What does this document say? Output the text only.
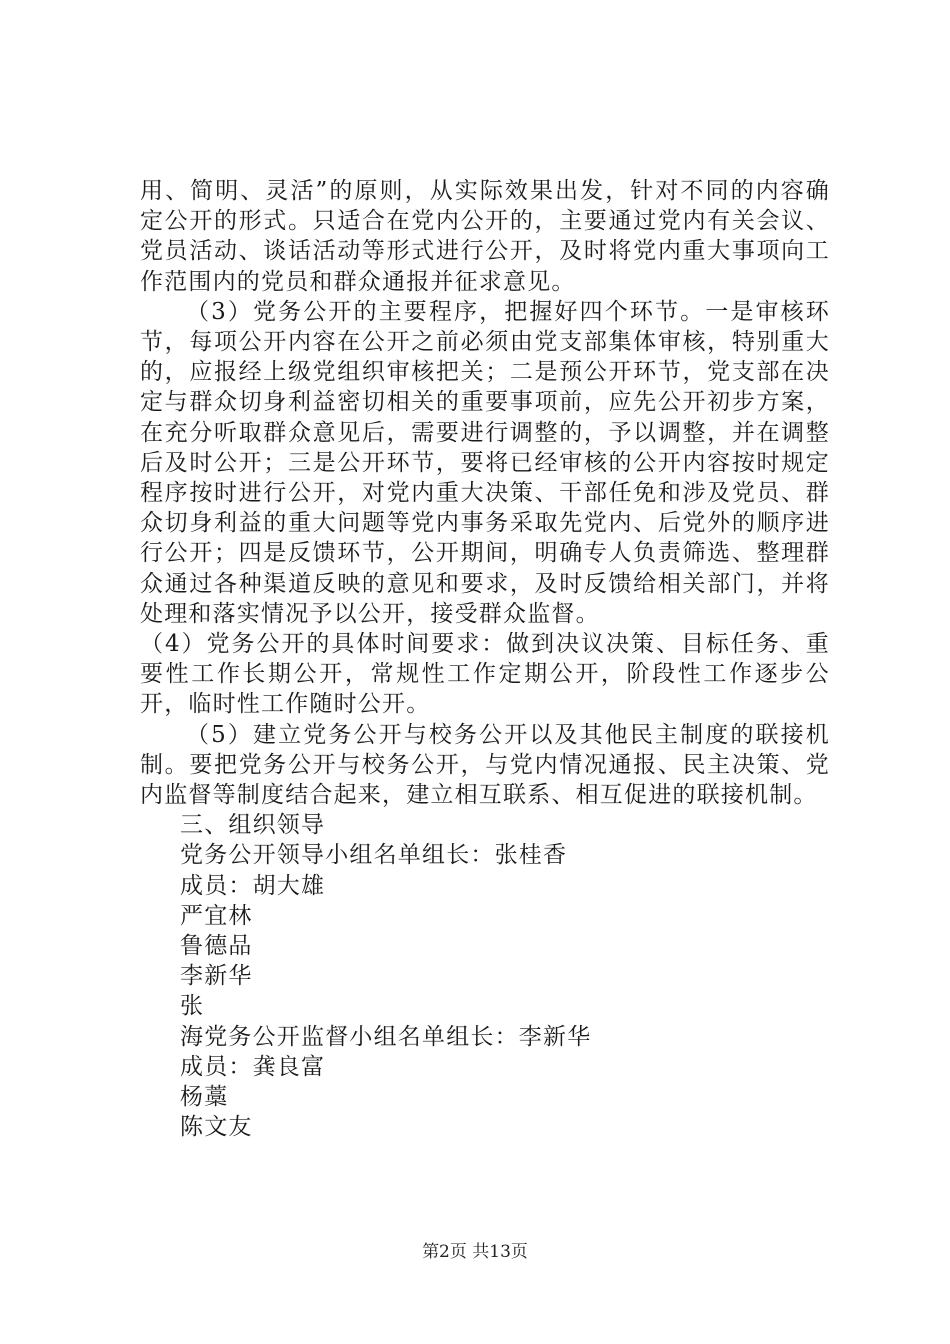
用、简明、灵活”的原则，从实际效果出发，针对不同的内容确定公开的形式。只适合在党内公开的，主要通过党内有关会议、党员活动、谈话活动等形式进行公开，及时将党内重大事项向工作范围内的党员和群众通报并征求意见。

（3）党务公开的主要程序，把握好四个环节。一是审核环节，每项公开内容在公开之前必须由党支部集体审核，特别重大的，应报经上级党组织审核把关；二是预公开环节，党支部在决定与群众切身利益密切相关的重要事项前，应先公开初步方案，在充分听取群众意见后，需要进行调整的，予以调整，并在调整后及时公开；三是公开环节，要将已经审核的公开内容按时规定程序按时进行公开，对党内重大决策、干部任免和涉及党员、群众切身利益的重大问题等党内事务采取先党内、后党外的顺序进行公开；四是反馈环节，公开期间，明确专人负责筛选、整理群众通过各种渠道反映的意见和要求，及时反馈给相关部门，并将处理和落实情况予以公开，接受群众监督。

（4）党务公开的具体时间要求：做到决议决策、目标任务、重要性工作长期公开，常规性工作定期公开，阶段性工作逐步公开，临时性工作随时公开。

（5）建立党务公开与校务公开以及其他民主制度的联接机制。要把党务公开与校务公开，与党内情况通报、民主决策、党内监督等制度结合起来，建立相互联系、相互促进的联接机制。

三、组织领导
党务公开领导小组名单组长：张桂香
成员：胡大雄
严宜林
鲁德品
李新华
张
海党务公开监督小组名单组长：李新华
成员：龚良富
杨藁
陈文友
第2页 共13页
